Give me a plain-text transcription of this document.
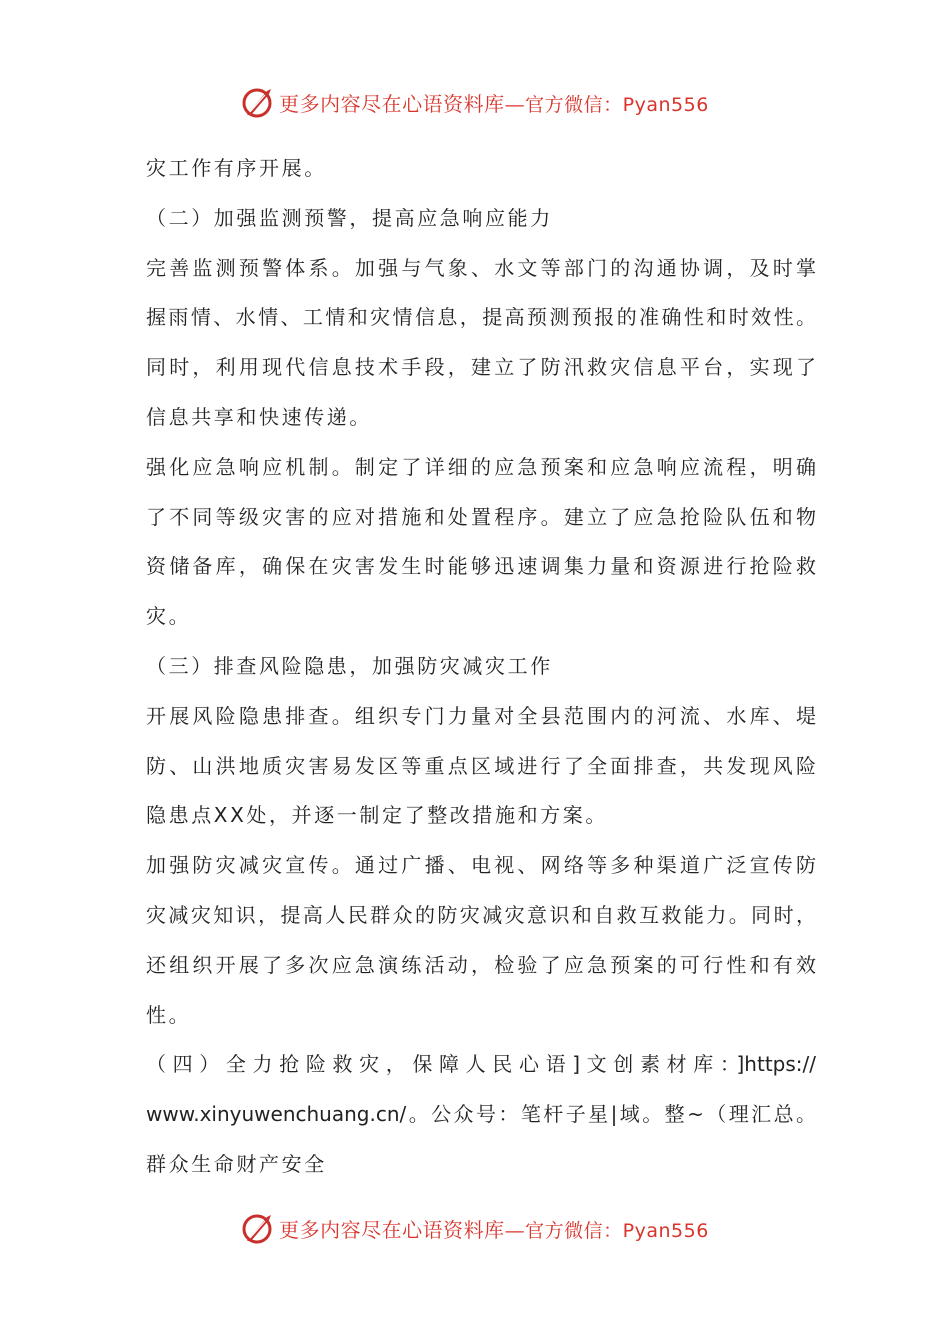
更多内容尽在心语资料库—官方微信：Pyan556
灾工作有序开展。
（二）加强监测预警，提高应急响应能力
完善监测预警体系。加强与气象、水文等部门的沟通协调，及时掌
握雨情、水情、工情和灾情信息，提高预测预报的准确性和时效性。
同时，利用现代信息技术手段，建立了防汛救灾信息平台，实现了
信息共享和快速传递。
强化应急响应机制。制定了详细的应急预案和应急响应流程，明确
了不同等级灾害的应对措施和处置程序。建立了应急抢险队伍和物
资储备库，确保在灾害发生时能够迅速调集力量和资源进行抢险救
灾。
（三）排查风险隐患，加强防灾减灾工作
开展风险隐患排查。组织专门力量对全县范围内的河流、水库、堤
防、山洪地质灾害易发区等重点区域进行了全面排查，共发现风险
隐患点XX处，并逐一制定了整改措施和方案。
加强防灾减灾宣传。通过广播、电视、网络等多种渠道广泛宣传防
灾减灾知识，提高人民群众的防灾减灾意识和自救互救能力。同时，
还组织开展了多次应急演练活动，检验了应急预案的可行性和有效
性。
（四）全力抢险救灾，保障人民心语]文创素材库：]https://
www.xinyuwenchuang.cn/。公众号：笔杆子星|域。整~（理汇总。
群众生命财产安全
更多内容尽在心语资料库—官方微信：Pyan556
